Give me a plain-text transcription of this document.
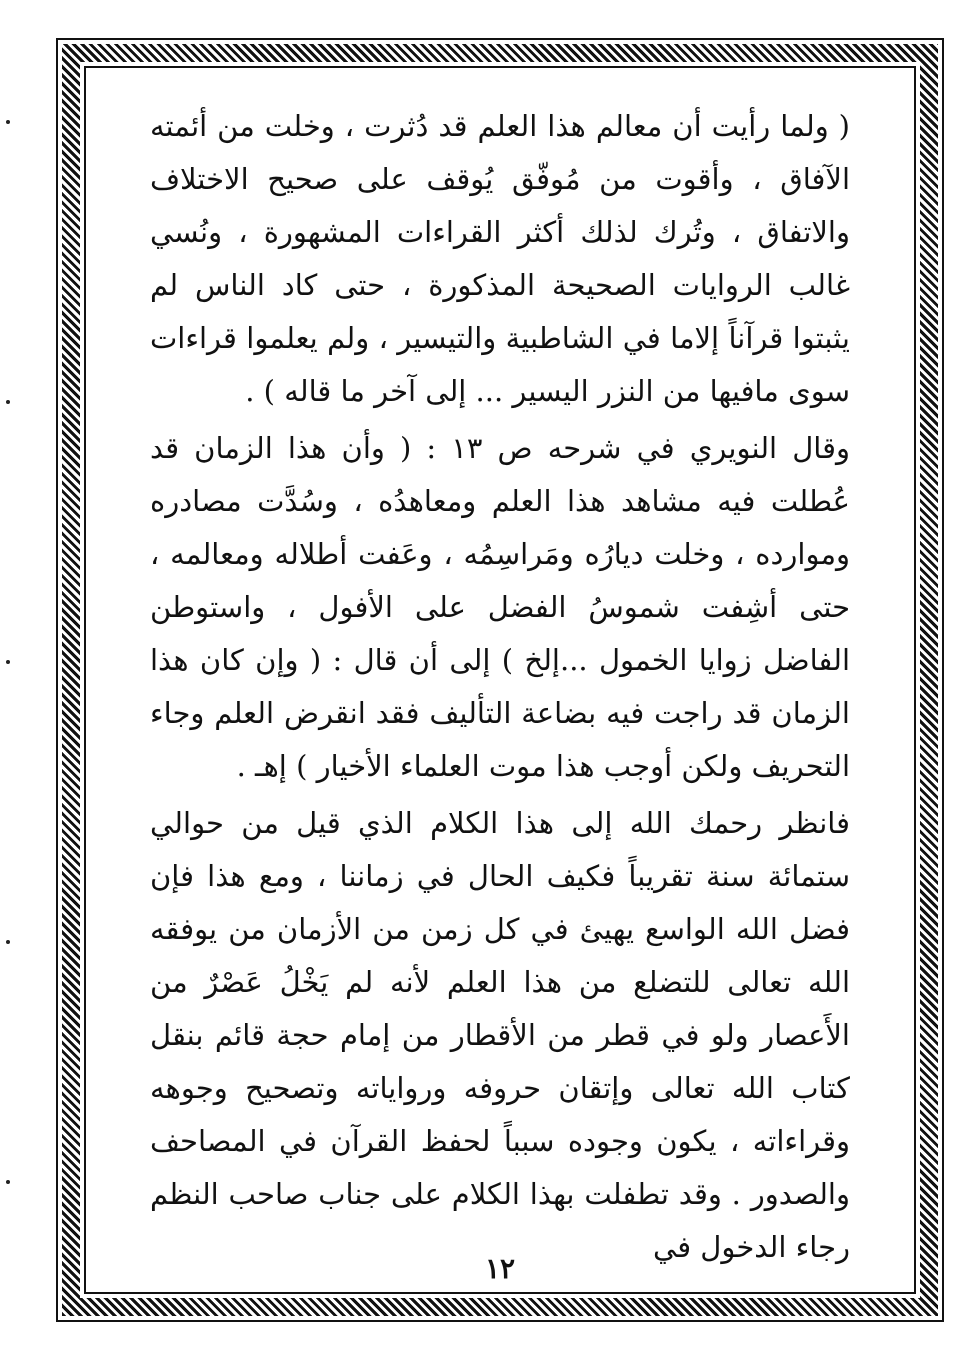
( ولما رأيت أن معالم هذا العلم قد دُثرت ، وخلت من أئمته الآفاق ، وأقوت من مُوفّق يُوقف على صحيح الاختلاف والاتفاق ، وتُرك لذلك أكثر القراءات المشهورة ، ونُسي غالب الروايات الصحيحة المذكورة ، حتى كاد الناس لم يثبتوا قرآناً إلاما في الشاطبية والتيسير ، ولم يعلموا قراءات سوى مافيها من النزر اليسير ... إلى آخر ما قاله ) .

وقال النويري في شرحه ص ١٣ : ( وأن هذا الزمان قد عُطلت فيه مشاهد هذا العلم ومعاهدُه ، وسُدَّت مصادره وموارده ، وخلت ديارُه ومَراسِمُه ، وعَفت أطلاله ومعالمه ، حتى أشِفت شموسُ الفضل على الأفول ، واستوطن الفاضل زوايا الخمول ...إلخ ) إلى أن قال : ( وإن كان هذا الزمان قد راجت فيه بضاعة التأليف فقد انقرض العلم وجاء التحريف ولكن أوجب هذا موت العلماء الأخيار ) إهـ .

فانظر رحمك الله إلى هذا الكلام الذي قيل من حوالي ستمائة سنة تقريباً فكيف الحال في زماننا ، ومع هذا فإن فضل الله الواسع يهيئ في كل زمن من الأزمان من يوفقه الله تعالى للتضلع من هذا العلم لأنه لم يَخْلُ عَصْرٌ من الأَعصار ولو في قطر من الأقطار من إمام حجة قائم بنقل كتاب الله تعالى وإتقان حروفه ورواياته وتصحيح وجوهه وقراءاته ، يكون وجوده سبباً لحفظ القرآن في المصاحف والصدور . وقد تطفلت بهذا الكلام على جناب صاحب النظم رجاء الدخول في

١٢
